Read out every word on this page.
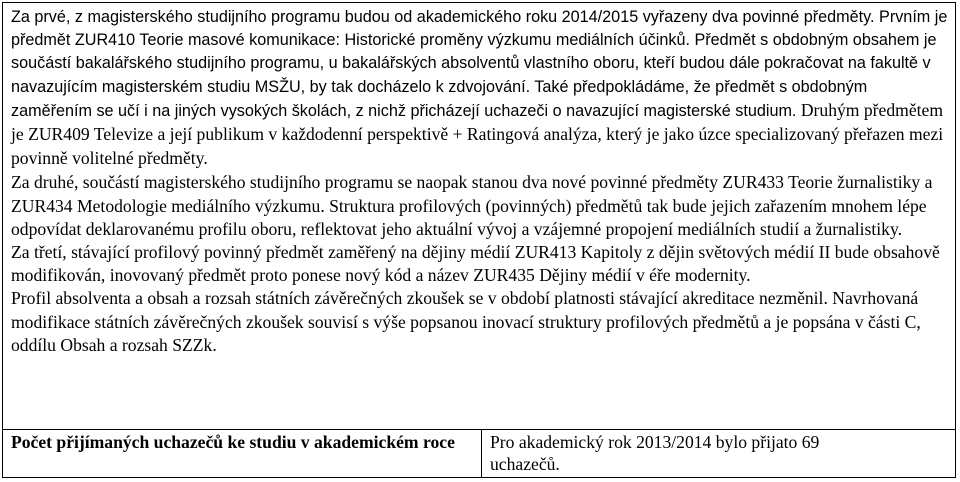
Za prvé, z magisterského studijního programu budou od akademického roku 2014/2015 vyřazeny dva povinné předměty. Prvním je předmět ZUR410 Teorie masové komunikace: Historické proměny výzkumu mediálních účinků. Předmět s obdobným obsahem je součástí bakalářského studijního programu, u bakalářských absolventů vlastního oboru, kteří budou dále pokračovat na fakultě v navazujícím magisterském studiu MSŽU, by tak docházelo k zdvojování. Také předpokládáme, že předmět s obdobným zaměřením se učí i na jiných vysokých školách, z nichž přicházejí uchazeči o navazující magisterské studium. Druhým předmětem je ZUR409 Televize a její publikum v každodenní perspektivě + Ratingová analýza, který je jako úzce specializovaný přeřazen mezi povinně volitelné předměty.

Za druhé, součástí magisterského studijního programu se naopak stanou dva nové povinné předměty ZUR433 Teorie žurnalistiky a ZUR434 Metodologie mediálního výzkumu. Struktura profilových (povinných) předmětů tak bude jejich zařazením mnohem lépe odpovídat deklarovanému profilu oboru, reflektovat jeho aktuální vývoj a vzájemné propojení mediálních studií a žurnalistiky.

Za třetí, stávající profilový povinný předmět zaměřený na dějiny médií ZUR413 Kapitoly z dějin světových médií II bude obsahově modifikován, inovovaný předmět proto ponese nový kód a název ZUR435 Dějiny médií v éře modernity.

Profil absolventa a obsah a rozsah státních závěrečných zkoušek se v období platnosti stávající akreditace nezměnil. Navrhovaná modifikace státních závěrečných zkoušek souvisí s výše popsanou inovací struktury profilových předmětů a je popsána v části C, oddílu Obsah a rozsah SZZk.

Počet přijímaných uchazečů ke studiu v akademickém roce	Pro akademický rok 2013/2014 bylo přijato 69 uchazečů.
